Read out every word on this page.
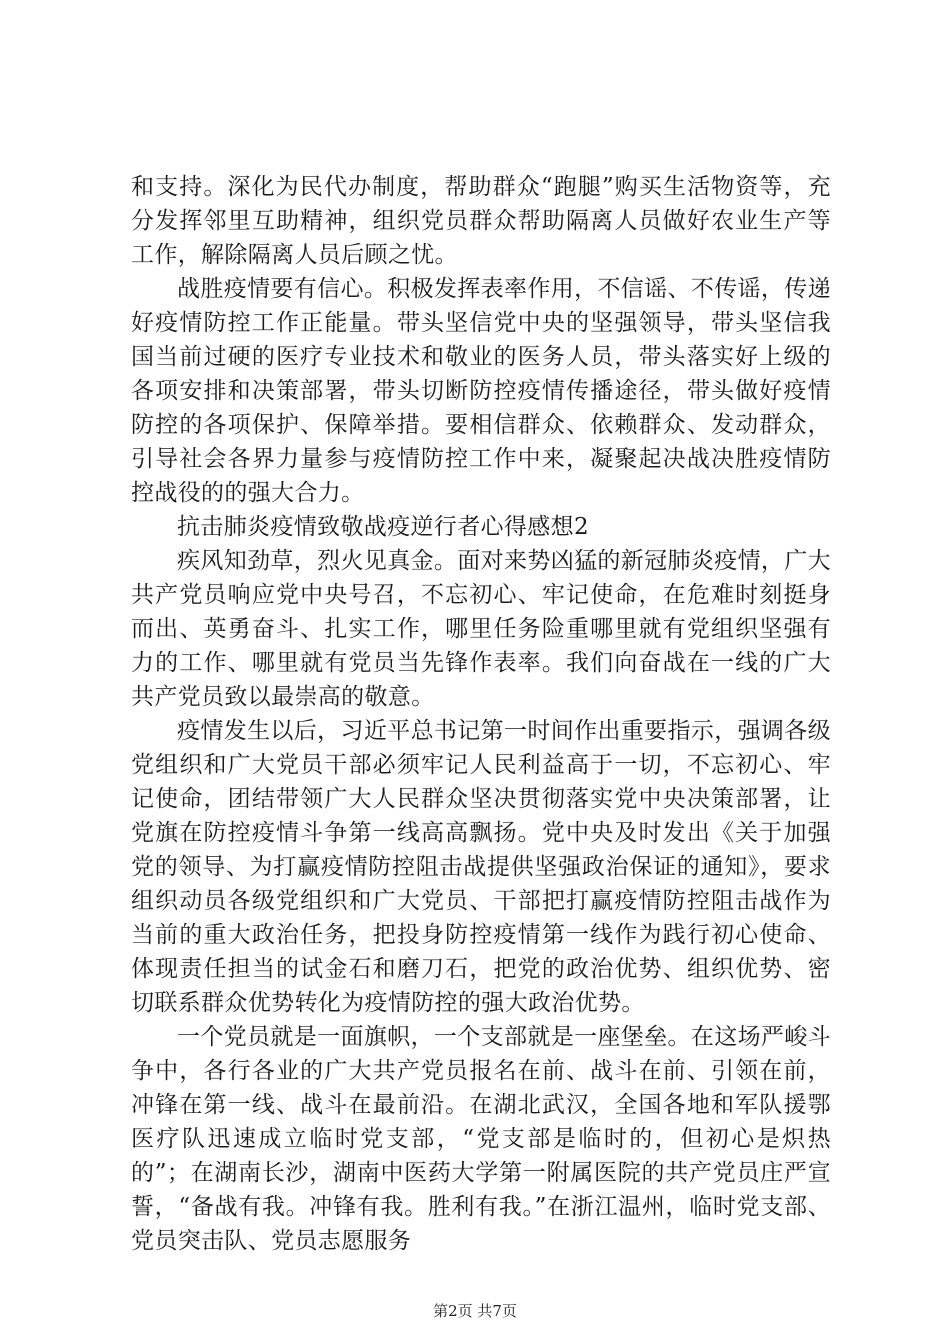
和支持。深化为民代办制度，帮助群众“跑腿”购买生活物资等，充分发挥邻里互助精神，组织党员群众帮助隔离人员做好农业生产等工作，解除隔离人员后顾之忧。

战胜疫情要有信心。积极发挥表率作用，不信谣、不传谣，传递好疫情防控工作正能量。带头坚信党中央的坚强领导，带头坚信我国当前过硬的医疗专业技术和敬业的医务人员，带头落实好上级的各项安排和决策部署，带头切断防控疫情传播途径，带头做好疫情防控的各项保护、保障举措。要相信群众、依赖群众、发动群众，引导社会各界力量参与疫情防控工作中来，凝聚起决战决胜疫情防控战役的的强大合力。

抗击肺炎疫情致敬战疫逆行者心得感想2

疾风知劲草，烈火见真金。面对来势凶猛的新冠肺炎疫情，广大共产党员响应党中央号召，不忘初心、牢记使命，在危难时刻挺身而出、英勇奋斗、扎实工作，哪里任务险重哪里就有党组织坚强有力的工作、哪里就有党员当先锋作表率。我们向奋战在一线的广大共产党员致以最崇高的敬意。

疫情发生以后，习近平总书记第一时间作出重要指示，强调各级党组织和广大党员干部必须牢记人民利益高于一切，不忘初心、牢记使命，团结带领广大人民群众坚决贯彻落实党中央决策部署，让党旗在防控疫情斗争第一线高高飘扬。党中央及时发出《关于加强党的领导、为打赢疫情防控阻击战提供坚强政治保证的通知》，要求组织动员各级党组织和广大党员、干部把打赢疫情防控阻击战作为当前的重大政治任务，把投身防控疫情第一线作为践行初心使命、体现责任担当的试金石和磨刀石，把党的政治优势、组织优势、密切联系群众优势转化为疫情防控的强大政治优势。

一个党员就是一面旗帜，一个支部就是一座堡垒。在这场严峻斗争中，各行各业的广大共产党员报名在前、战斗在前、引领在前，冲锋在第一线、战斗在最前沿。在湖北武汉，全国各地和军队援鄂医疗队迅速成立临时党支部，“党支部是临时的，但初心是炽热的”；在湖南长沙，湖南中医药大学第一附属医院的共产党员庄严宣誓，“备战有我。冲锋有我。胜利有我。”在浙江温州，临时党支部、党员突击队、党员志愿服务

第2页 共7页
